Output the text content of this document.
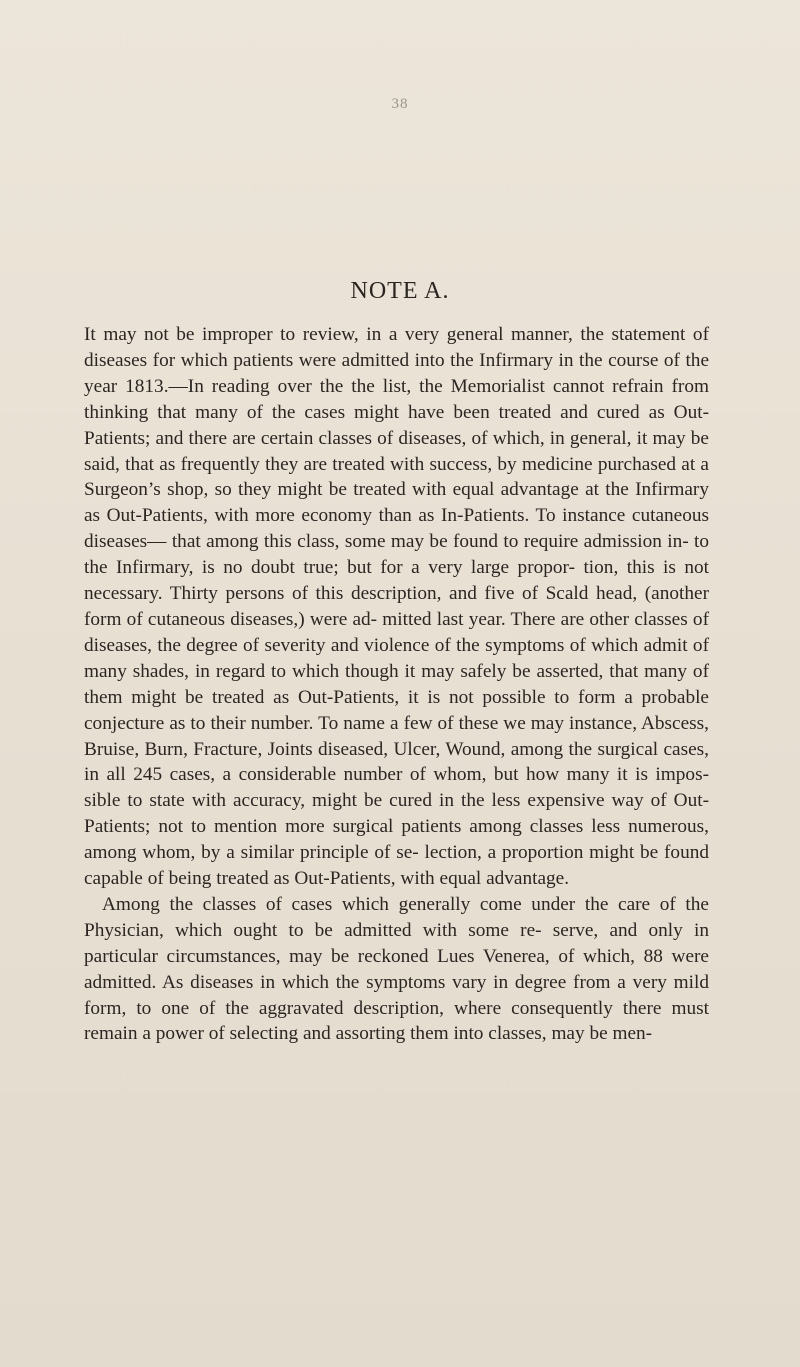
38
NOTE A.

It may not be improper to review, in a very general manner, the statement of diseases for which patients were admitted into the Infirmary in the course of the year 1813.—In reading over the the list, the Memorialist cannot refrain from thinking that many of the cases might have been treated and cured as Out-Patients; and there are certain classes of diseases, of which, in general, it may be said, that as frequently they are treated with success, by medicine purchased at a Surgeon’s shop, so they might be treated with equal advantage at the Infirmary as Out-Patients, with more economy than as In-Patients. To instance cutaneous diseases— that among this class, some may be found to require admission in- to the Infirmary, is no doubt true; but for a very large propor- tion, this is not necessary. Thirty persons of this description, and five of Scald head, (another form of cutaneous diseases,) were ad- mitted last year. There are other classes of diseases, the degree of severity and violence of the symptoms of which admit of many shades, in regard to which though it may safely be asserted, that many of them might be treated as Out-Patients, it is not possible to form a probable conjecture as to their number. To name a few of these we may instance, Abscess, Bruise, Burn, Fracture, Joints diseased, Ulcer, Wound, among the surgical cases, in all 245 cases, a considerable number of whom, but how many it is impos- sible to state with accuracy, might be cured in the less expensive way of Out-Patients; not to mention more surgical patients among classes less numerous, among whom, by a similar principle of se- lection, a proportion might be found capable of being treated as Out-Patients, with equal advantage.

Among the classes of cases which generally come under the care of the Physician, which ought to be admitted with some re- serve, and only in particular circumstances, may be reckoned Lues Venerea, of which, 88 were admitted. As diseases in which the symptoms vary in degree from a very mild form, to one of the aggravated description, where consequently there must remain a power of selecting and assorting them into classes, may be men-
